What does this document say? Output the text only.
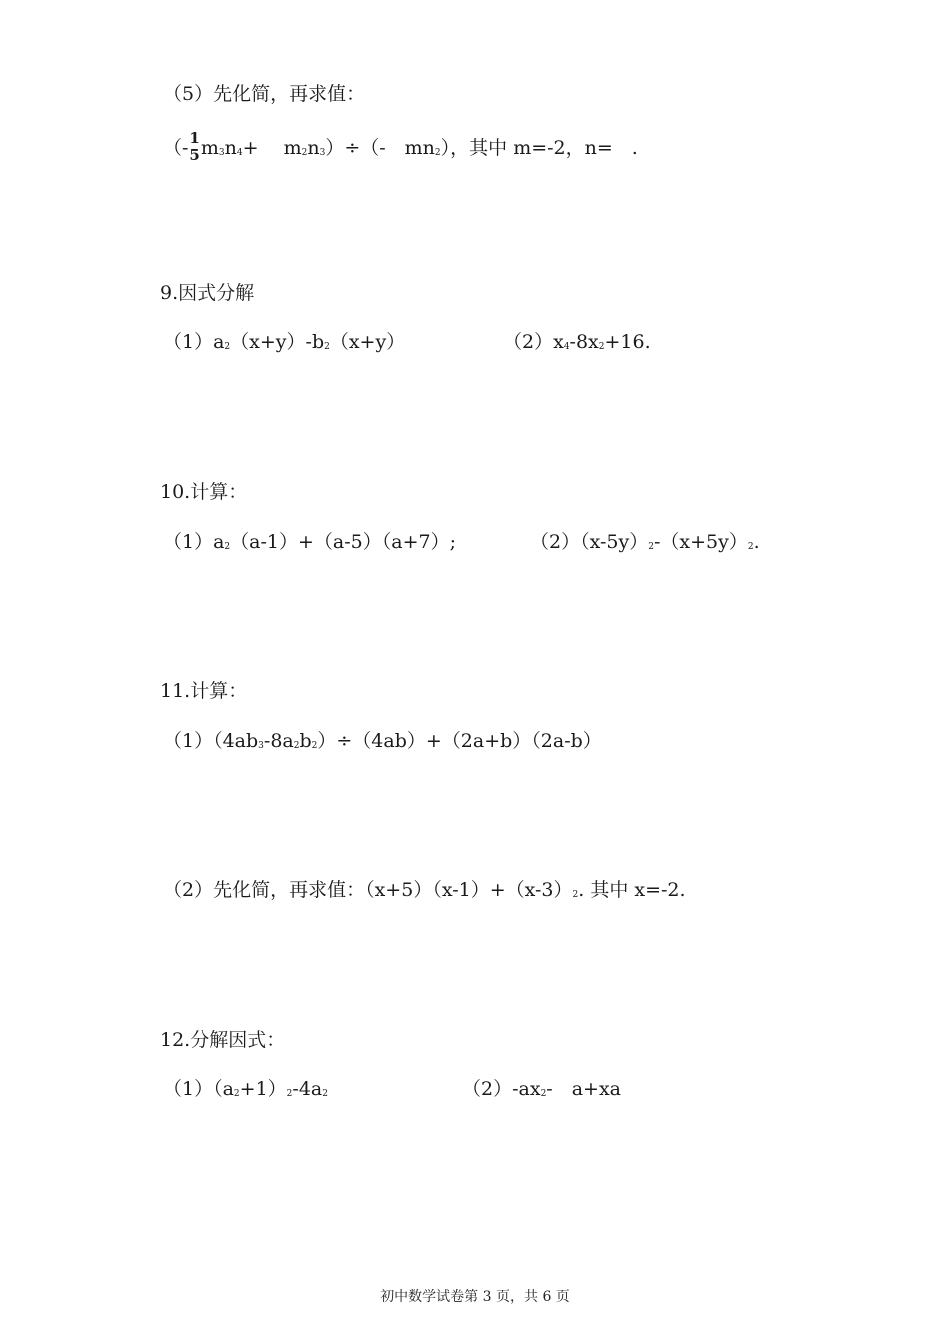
（5）先化简，再求值：
（- 1
5 m3n4+　 m2n3）÷（-　mn2），其中 m=-2，n=　.
9.因式分解
（1）a2（x+y）-b2（x+y）	（2）x4-8x2+16.
10.计算：
（1）a2（a-1）+（a-5）（a+7）;	（2）（x-5y）2-（x+5y）2.
11.计算：
（1）（4ab3-8a2b2）÷（4ab）+（2a+b）（2a-b）
（2）先化简，再求值：（x+5）（x-1）+（x-3）2. 其中 x=-2.
12.分解因式：
（1）（a2+1）2-4a2	（2）-ax2-　a+xa
初中数学试卷第 3 页，共 6 页
